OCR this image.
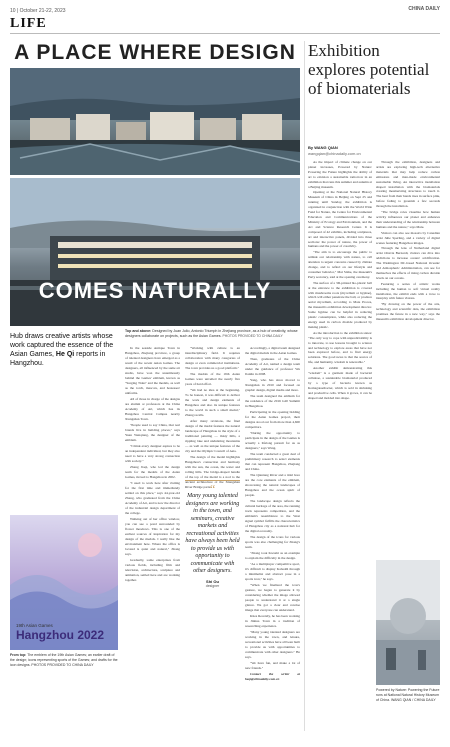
10 | October 21-22, 2023	CHINA DAILY
LIFE
A PLACE WHERE DESIGN
COMES NATURALLY
Top and above: Designed by Juan Julio, Antonio Triumph in Zhejiang province, as a hub of creativity, whose designers collaborate on projects, such as the Asian Games. PHOTOS PROVIDED TO CHINA DAILY
Hub draws creative artists whose work captured the essence of the Asian Games, He Qi reports in Hangzhou.
19th Asian Games
Hangzhou 2022
From top: The emblem of the 19th Asian Games; an earlier draft of the design; icons representing sports of the Games; and drafts for the icon designs. PHOTOS PROVIDED TO CHINA DAILY

In the seaside Antique Town in Hangzhou, Zhejiang province, a group of talented designers have emerged as a result of the recent Asian Games. The designers, all influenced by the same art studio, have won the unanimously behind the Games' emblem, known as "Surging Tides" and the medals, as well as the torch, mascots, and hostesses' uniforms.

All of those in charge of the designs are alumni or professors at the China Academy of Art, which has its Hangzhou Central Campus nearby Xiangshan Town.

"People used to say China, that real brands live in building places," says Yuan Wenqiang, the designer of the emblem.

"I think every designer aspires to be an independent individual, but they also need to have a very strong connection with society."

Zhang Jiaqi, who led the design team for the medals of the Asian Games, moved to Hangzhou in 2002.

"I used to work here after visiting for the first time and immediately settled on this place," says 44-year-old Zhang, who graduated from the China Academy of Art, and is now the director of the industrial design department of the college.

Walking out of her office window, you can see a pond surrounded by flower meadows. This is one of the earliest sources of inspiration for my design of the medals. I really like the environment here. Where the office is located is quiet and natural," Zhang says.

Gradually, some enterprises from various fields, including film and television, architecture, sculpture and animation, settled here and are working together.

"Working with culture is an interdisciplinary field. It requires collaboration with many categories of design or even commercial institutions. The town provides us a good platform."

The medals of the 19th Asian Games were unveiled the nearly five years of hard effort.

"We had no idea at the beginning. To be honest, it was difficult to deliver the work and design elements of Hangzhou and also its unique features to the world in such a small medal," Zhang recalls.

After many revisions, the final design of the medal features the natural landscape of Hangzhou in the style of a traditional painting — misty hills, a rippling lake and undulating mountains — as well as the unique features of the city and the Olympic Council of Asia.

The design of the medal highlights Hangzhou's connection and harmony with the sun, the ocean, the water and rolling hills. The bridge-shaped handle of the top of the medal is a nod to the ancient architecture of the Xiangshan River Bridge parts.

“
Many young talented designers are working in the town, and seminars, creative markets and recreational activities have always been held to provide us with opportunity to communicate with other designers.
Shi Ou
designer

Accordingly, a digital team designed the digital medals in the Asian Games.

Then, graduates of the China Academy of Art, named a design team under the guidance of professor Wu Jianlin in 2008.

Yang, who has since moved to Xiangshan in 2010 and focused on graphic design, digital media and more.

The team designed the emblem for the residence of the 2016 G20 Summit in Hangzhou.

Participating in the opening bidding for the Asian Games project, their designs stood out from more than 4,600 competitors.

"During the opportunity to participate in the design of the Games is actually a lifelong pursuit for us as designers," says Wang.

The team conducted a great deal of preliminary research to select elements that can represent Hangzhou, Zhejiang and China.

The Qiantang River and a tidal bore are the core elements of the emblem, showcasing the natural landscapes of Hangzhou and the ocean spirit of people.

The landscape design reflects the cultural heritage of the area, the running track represents competition, and the emblem's resemblance to the West signal symbol fulfills the characteristics of Hangzhou city as a national hub for the digital economy.

The design of the icons for various sports was also challenging for Zhang's team.

"Zhang took Kwashi as an example to explain the difficulty in the design.

"As a multiplayer competitive sport, it's difficult to display Kabaddi through a minimalist and abstract pose in a sports icon," he says.

"When we finalized the icon's gesture, we began to generate it by considering whether the image allowed people to understand it at a single glance. We got a clear and concise image that everyone can understand.

Kites Recently, he has been working in Jinhua Town in a tradition of researching experience.

"Many young talented designers are working in the town, and leisure, recreational activities have all been built to provide us with opportunities to communicate with other designers." He says.

"We have fun, and make a lot of new friends."

Contact the writer at heqi@chinadaily.com.cn

Exhibition explores potential of biomaterials
By WANG QIAN
wangqian@chinadaily.com.cn

As the impact of climate change on our planet increases, Powered by Nature: Powering the Future highlights the ability of art to envision a sustainable tomorrow in an exhibition that runs this summer and autumn at a Beijing museum.

Opening at the National Natural History Museum of China in Beijing on Sept 25 and running until Sunday, the exhibition is organized in conjunction with the World Wide Fund for Nature, the Centre for Environmental Education and Communications of the Ministry of Ecology and Environment, and the Art and Science Research Center. It is composed of 42 exhibits, including sculptures, art and interactive panels, divided into three sections: the power of nature, the power of humans and the power of creativity.

"The aim is to encourage the public to rethink our relationship with nature, to call attention to urgent concerns caused by climate change, and to reflect on our lifestyle and consumer behavior," Mai Sizhe, the museum's Party secretary, said at the opening ceremony.

The surface of a 3D-printed bio-plastic ball at the entrance to the exhibition is covered with mushrooms roots (mycelium or hyphae), which will either penetrate the ball, or produce aerial mycelium, according to Maie Proces, the museum's exhibition development director. Some hyphae can be helpful in reducing plastic consumption, while also reducing the energy used in carbon dioxide produced by making plastic.

As the introduction to the exhibition states: "The only way to cope with unpredictability is to innovate, to use lessons brought to science and technology to explore areas that have not been explored before, and to find energy solutions. The good news is that the source of life, and humanity, wisdom is renewable."

Another exhibit demonstrating this "wisdom" is a garment made of bacterial cellulose, a sustainable biomaterial produced by a type of bacteria known as Komagataeibacter, which is sold in shrinking and productive cells. When it grows, it can be shaped and molded into shape.

Through the exhibition, designers and artists are exploring high-tech alternative materials that may help reduce carbon emissions and man-made environmental sustainable living. An interactive installation shaped installation with the biomaterials creating mesmerizing structures to touch it. The heat from their hands rises in surface pink, before fading to greenish a few seconds through the installation.

"The bridge roles visualize how human activity influences our planet and enhances their understanding of the relationship between humans and the nature," says Maie.

Visitors can also see mosaics by Canadian artist Julie Sperling, and a variety of digital scenes featuring Hangzhou images.

Through the lens of Netherland digital artist Ottavia Bernardi, visitors can dive into addictions to increase oceans' acidification. The Washington DC-based National Oceanic and Atmospheric Administration, can see for themselves the effects of rising carbon dioxide levels on our oceans.

Featuring a series of artistic works including the human to soft virtual reality installation, the exhibit ends with a trove to interplay with future visions.

"By drawing on the power of the arts, technology and scientific data, the exhibition promises the future in a new way," says the museum's exhibition development director.

Powered by Nature: Powering the Future runs at National Natural History Museum of China. WANG QIAN / CHINA DAILY
